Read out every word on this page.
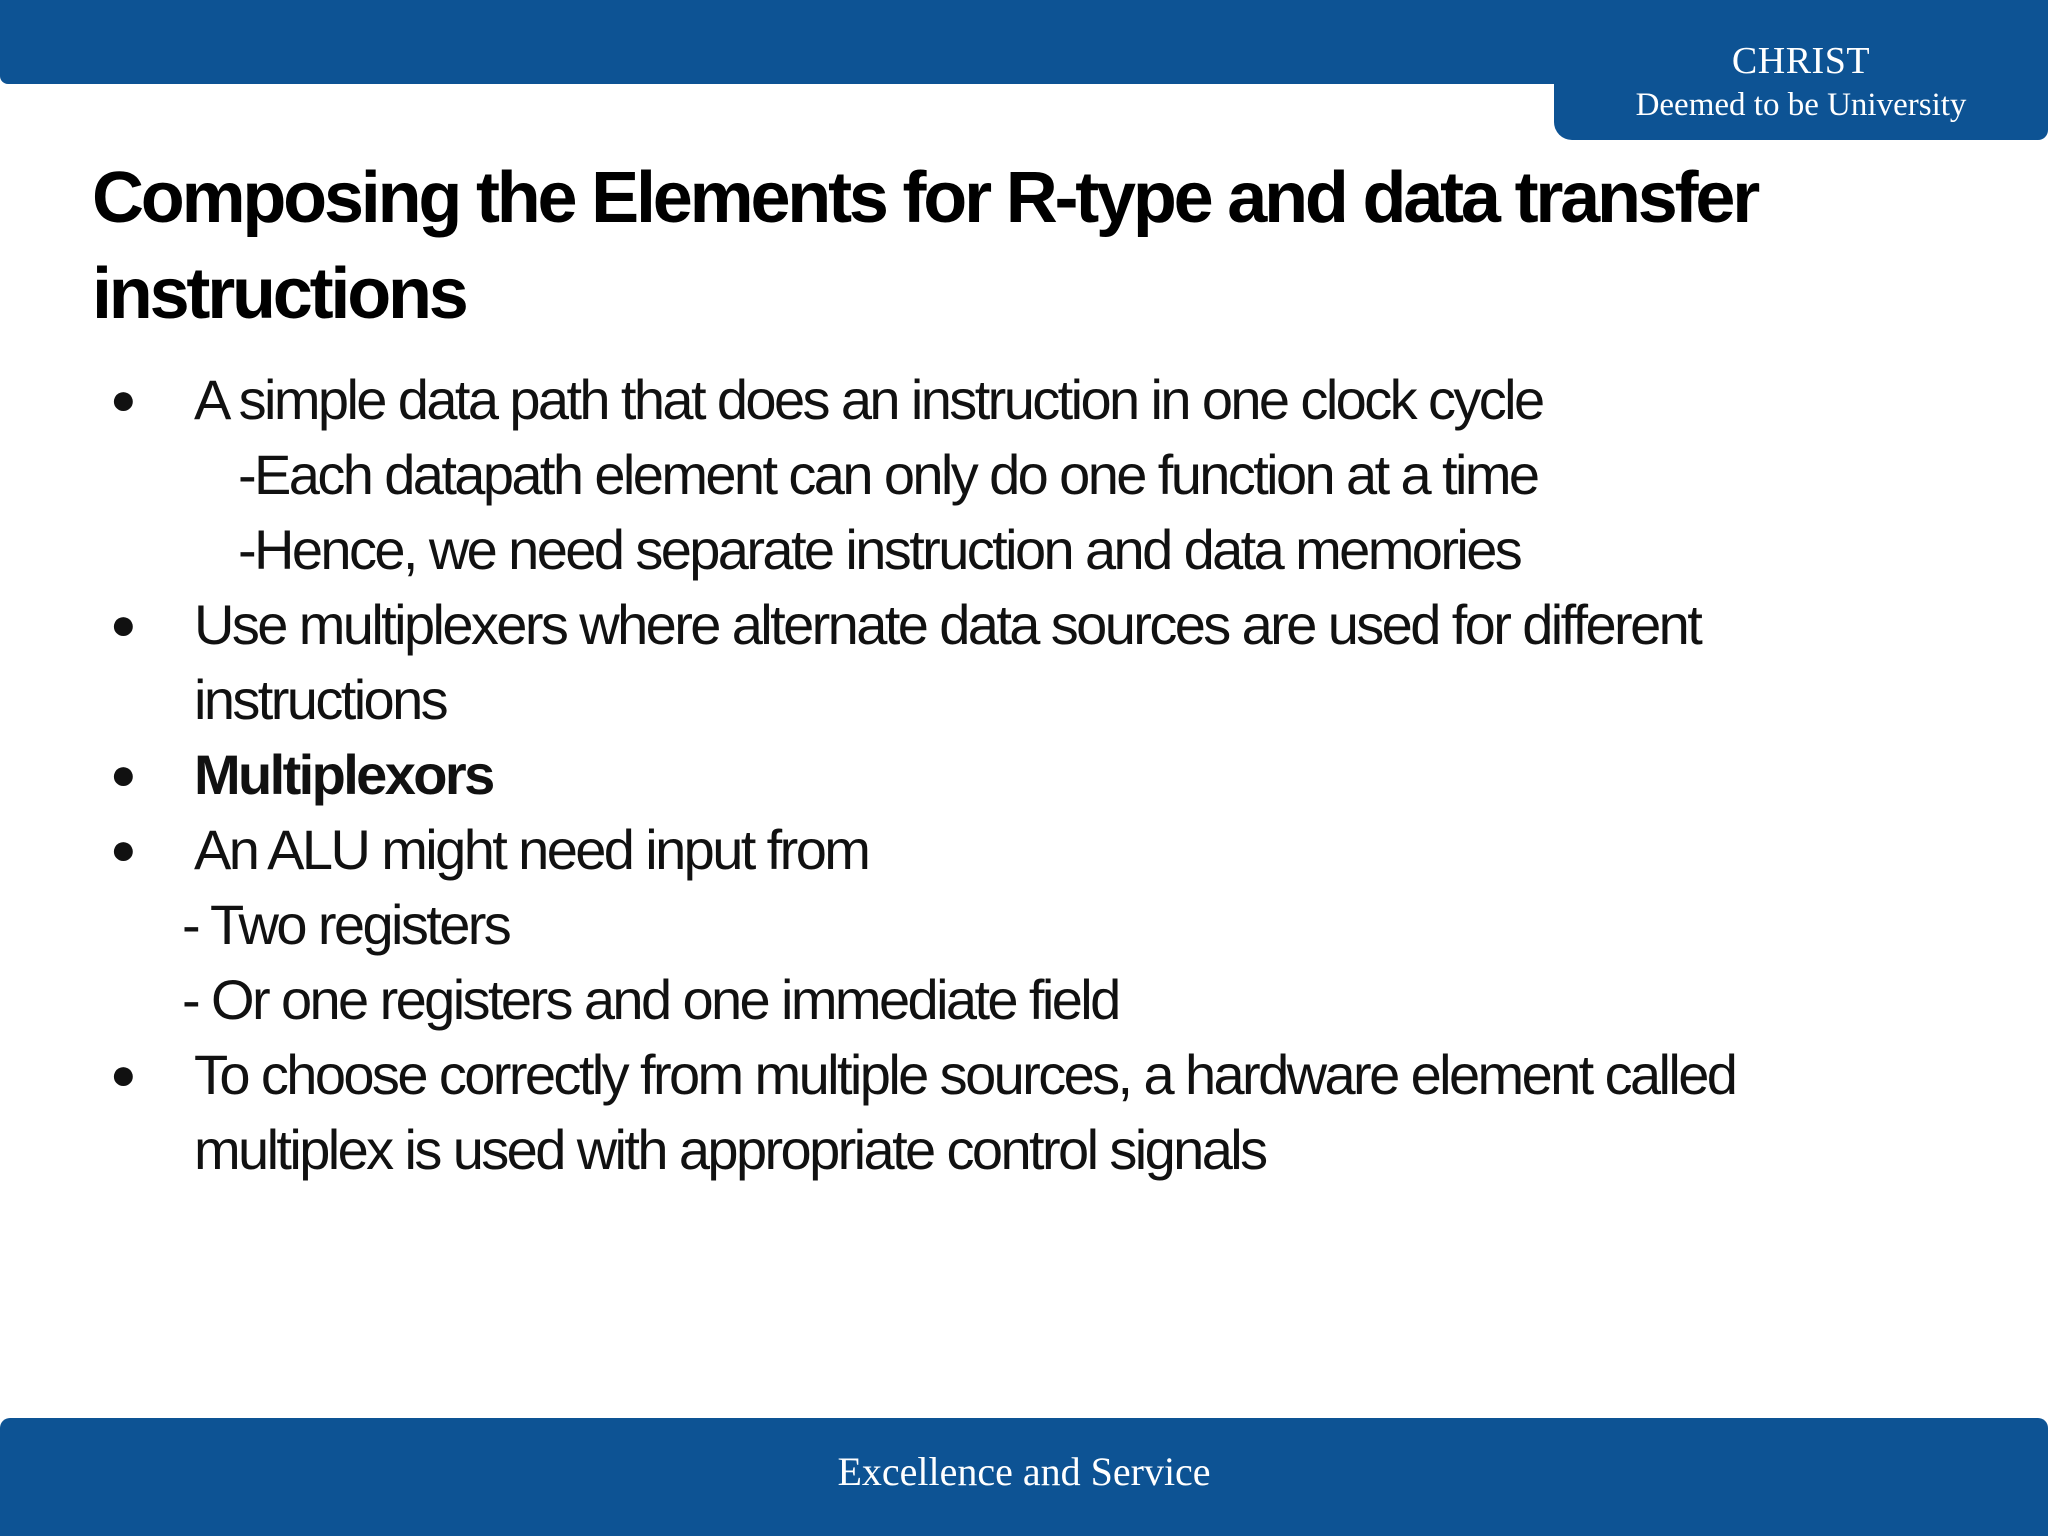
CHRIST
Deemed to be University
Composing the Elements for R-type and data transfer
instructions
● A simple data path that does an instruction in one clock cycle
-Each datapath element can only do one function at a time
-Hence, we need separate instruction and data memories
● Use multiplexers where alternate data sources are used for different
instructions
● Multiplexors
● An ALU might need input from
- Two registers
- Or one registers and one immediate field
● To choose correctly from multiple sources, a hardware element called
multiplex is used with appropriate control signals
Excellence and Service
